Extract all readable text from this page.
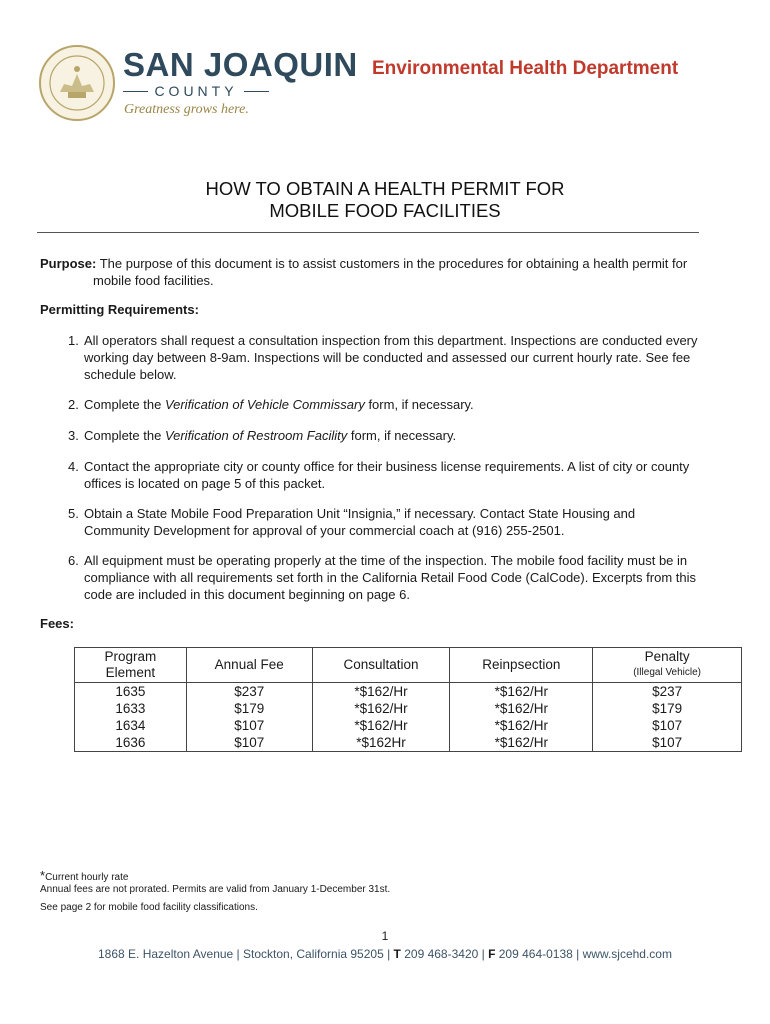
SAN JOAQUIN
COUNTY
Greatness grows here.
Environmental Health Department
HOW TO OBTAIN A HEALTH PERMIT FOR
MOBILE FOOD FACILITIES
Purpose: The purpose of this document is to assist customers in the procedures for obtaining a health permit for
mobile food facilities.
Permitting Requirements:
1. All operators shall request a consultation inspection from this department. Inspections are conducted every
working day between 8-9am. Inspections will be conducted and assessed our current hourly rate. See fee
schedule below.
2. Complete the Verification of Vehicle Commissary form, if necessary.
3. Complete the Verification of Restroom Facility form, if necessary.
4. Contact the appropriate city or county office for their business license requirements. A list of city or county
offices is located on page 5 of this packet.
5. Obtain a State Mobile Food Preparation Unit “Insignia,” if necessary. Contact State Housing and
Community Development for approval of your commercial coach at (916) 255-2501.
6. All equipment must be operating properly at the time of the inspection. The mobile food facility must be in
compliance with all requirements set forth in the California Retail Food Code (CalCode). Excerpts from this
code are included in this document beginning on page 6.
Fees:
Program
Element	Annual Fee	Consultation	Reinpsection	Penalty
(Illegal Vehicle)

1635	$237	*$162/Hr	*$162/Hr	$237
1633	$179	*$162/Hr	*$162/Hr	$179
1634	$107	*$162/Hr	*$162/Hr	$107
1636	$107	*$162Hr	*$162/Hr	$107
*Current hourly rate
Annual fees are not prorated. Permits are valid from January 1-December 31st.
See page 2 for mobile food facility classifications.
1
1868 E. Hazelton Avenue | Stockton, California 95205 | T 209 468-3420 | F 209 464-0138 | www.sjcehd.com
